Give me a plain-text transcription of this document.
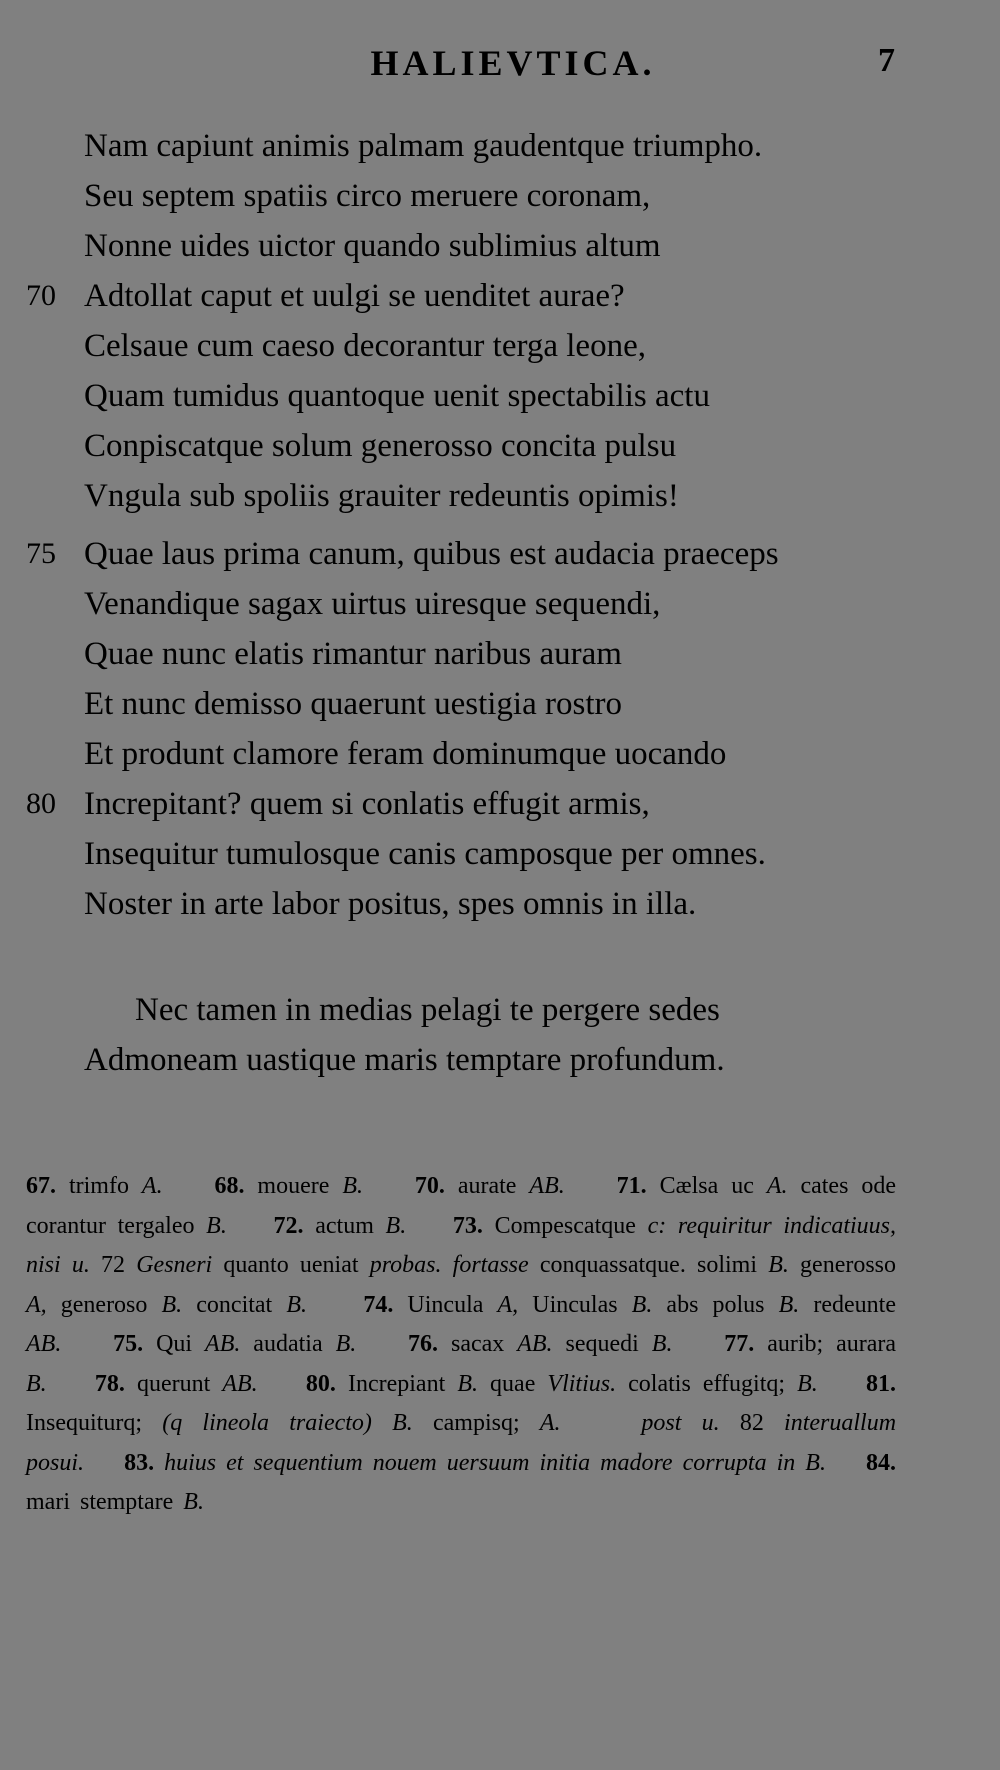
HALIEVTICA.	7
Nam capiunt animis palmam gaudentque triumpho.
Seu septem spatiis circo meruere coronam,
Nonne uides uictor quando sublimius altum
70 Adtollat caput et uulgi se uenditet aurae?
Celsaue cum caeso decorantur terga leone,
Quam tumidus quantoque uenit spectabilis actu
Conpiscatque solum generosso concita pulsu
Vngula sub spoliis grauiter redeuntis opimis!
75 Quae laus prima canum, quibus est audacia praeceps
Venandique sagax uirtus uiresque sequendi,
Quae nunc elatis rimantur naribus auram
Et nunc demisso quaerunt uestigia rostro
Et produnt clamore feram dominumque uocando
80 Increpitant? quem si conlatis effugit armis,
Insequitur tumulosque canis camposque per omnes.
Noster in arte labor positus, spes omnis in illa.
Nec tamen in medias pelagi te pergere sedes
Admoneam uastique maris temptare profundum.
67. trimfo A. 68. mouere B. 70. aurate AB. 71. Cælsa uc A. cates ode corantur tergaleo B. 72. actum B. 73. Compescatque c: requiritur indicatiuus, nisi u. 72 Gesneri quanto ueniat probas. fortasse conquassatque. solimi B. generosso A, generoso B. concitat B. 74. Uincula A, Uinculas B. abs polus B. redeunte AB. 75. Qui AB. audatia B. 76. sacax AB. sequedi B. 77. aurib; aurara B. 78. querunt AB. 80. Increpiant B. quae Vlitius. colatis effugitq; B. 81. Insequiturq; (q lineola traiecto) B. campisq; A.	post u. 82 interuallum posui. 83. huius et sequentium nouem uersuum initia madore corrupta in B. 84. mari stemptare B.
